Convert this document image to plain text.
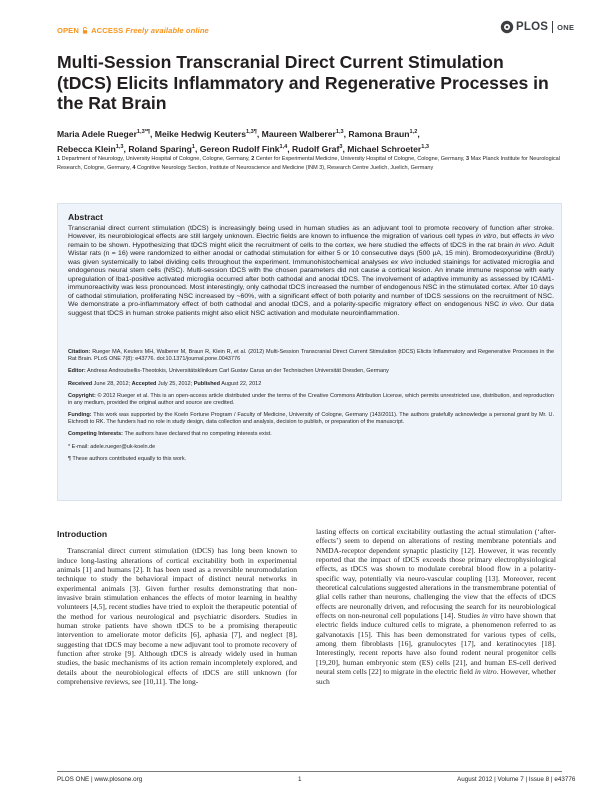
OPEN ACCESS Freely available online	PLOS ONE
Multi-Session Transcranial Direct Current Stimulation (tDCS) Elicits Inflammatory and Regenerative Processes in the Rat Brain
Maria Adele Rueger$^{1,3*\P}$, Meike Hedwig Keuters$^{1,3\P}$, Maureen Walberer$^{1,3}$, Ramona Braun$^{1,2}$,
Rebecca Klein$^{1,3}$, Roland Sparing$^1$, Gereon Rudolf Fink$^{1,4}$, Rudolf Graf$^3$, Michael Schroeter$^{1,3}$
1 Department of Neurology, University Hospital of Cologne, Cologne, Germany, 2 Center for Experimental Medicine, University Hospital of Cologne, Cologne, Germany, 3 Max Planck Institute for Neurological Research, Cologne, Germany, 4 Cognitive Neurology Section, Institute of Neuroscience and Medicine (INM 3), Research Centre Juelich, Juelich, Germany
Abstract
Transcranial direct current stimulation (tDCS) is increasingly being used in human studies as an adjuvant tool to promote recovery of function after stroke. However, its neurobiological effects are still largely unknown. Electric fields are known to influence the migration of various cell types in vitro, but effects in vivo remain to be shown. Hypothesizing that tDCS might elicit the recruitment of cells to the cortex, we here studied the effects of tDCS in the rat brain in vivo. Adult Wistar rats (n = 16) were randomized to either anodal or cathodal stimulation for either 5 or 10 consecutive days (500 µA, 15 min). Bromodeoxyuridine (BrdU) was given systemically to label dividing cells throughout the experiment. Immunohistochemical analyses ex vivo included stainings for activated microglia and endogenous neural stem cells (NSC). Multi-session tDCS with the chosen parameters did not cause a cortical lesion. An innate immune response with early upregulation of Iba1-positive activated microglia occurred after both cathodal and anodal tDCS. The involvement of adaptive immunity as assessed by ICAM1-immunoreactivity was less pronounced. Most interestingly, only cathodal tDCS increased the number of endogenous NSC in the stimulated cortex. After 10 days of cathodal stimulation, proliferating NSC increased by ~60%, with a significant effect of both polarity and number of tDCS sessions on the recruitment of NSC. We demonstrate a pro-inflammatory effect of both cathodal and anodal tDCS, and a polarity-specific migratory effect on endogenous NSC in vivo. Our data suggest that tDCS in human stroke patients might also elicit NSC activation and modulate neuroinflammation.

Citation: Rueger MA, Keuters MH, Walberer M, Braun R, Klein R, et al. (2012) Multi-Session Transcranial Direct Current Stimulation (tDCS) Elicits Inflammatory and Regenerative Processes in the Rat Brain. PLoS ONE 7(8): e43776. doi:10.1371/journal.pone.0043776

Editor: Andreas Androutsellis-Theotokis, Universitätsklinikum Carl Gustav Carus an der Technischen Universität Dresden, Germany

Received June 28, 2012; Accepted July 25, 2012; Published August 22, 2012

Copyright: © 2012 Rueger et al. This is an open-access article distributed under the terms of the Creative Commons Attribution License, which permits unrestricted use, distribution, and reproduction in any medium, provided the original author and source are credited.

Funding: This work was supported by the Koeln Fortune Program / Faculty of Medicine, University of Cologne, Germany (143/2011). The authors gratefully acknowledge a personal grant by Mr. U. Eichrodt to RK. The funders had no role in study design, data collection and analysis, decision to publish, or preparation of the manuscript.

Competing Interests: The authors have declared that no competing interests exist.

* E-mail: adele.rueger@uk-koeln.de

¶ These authors contributed equally to this work.

Introduction

Transcranial direct current stimulation (tDCS) has long been known to induce long-lasting alterations of cortical excitability both in experimental animals [1] and humans [2]. It has been used as a reversible neuromodulation technique to study the behavioral impact of distinct neural networks in experimental animals [3]. Given further results demonstrating that non-invasive brain stimulation enhances the effects of motor learning in healthy volunteers [4,5], recent studies have tried to exploit the therapeutic potential of the method for various neurological and psychiatric disorders. Studies in human stroke patients have shown tDCS to be a promising therapeutic intervention to ameliorate motor deficits [6], aphasia [7], and neglect [8], suggesting that tDCS may become a new adjuvant tool to promote recovery of function after stroke [9]. Although tDCS is already widely used in human studies, the basic mechanisms of its action remain incompletely explored, and details about the neurobiological effects of tDCS are still unknown (for comprehensive reviews, see [10,11]. The long-

lasting effects on cortical excitability outlasting the actual stimulation (‘after-effects’) seem to depend on alterations of resting membrane potentials and NMDA-receptor dependent synaptic plasticity [12]. However, it was recently reported that the impact of tDCS exceeds those primary electrophysiological effects, as tDCS was shown to modulate cerebral blood flow in a polarity-specific way, potentially via neuro-vascular coupling [13]. Moreover, recent theoretical calculations suggested alterations in the transmembrane potential of glial cells rather than neurons, challenging the view that the effects of tDCS effects are neuronally driven, and refocusing the search for its neurobiological effects on non-neuronal cell populations [14]. Studies in vitro have shown that electric fields induce cultured cells to migrate, a phenomenon referred to as galvanotaxis [15]. This has been demonstrated for various types of cells, among them fibroblasts [16], granulocytes [17], and keratinocytes [18]. Interestingly, recent reports have also found rodent neural progenitor cells [19,20], human embryonic stem (ES) cells [21], and human ES-cell derived neural stem cells [22] to migrate in the electric field in vitro. However, whether such
PLOS ONE | www.plosone.org	1	August 2012 | Volume 7 | Issue 8 | e43776
